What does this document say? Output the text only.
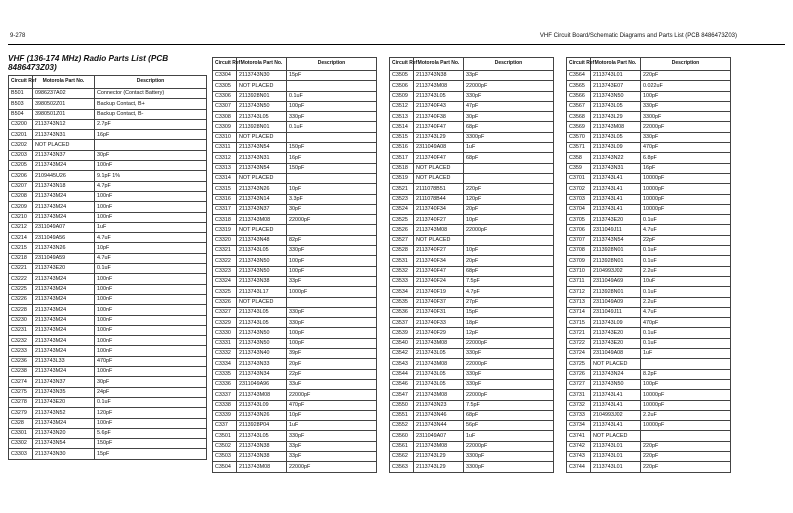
9-278	VHF Circuit Board/Schematic Diagrams and Parts List (PCB 8486473Z03)
VHF (136-174 MHz) Radio Parts List (PCB 8486473Z03)
Circuit Ref	Motorola Part No.	Description
B501	0986237A02	Connector (Contact Battery)
B503	3980502Z01	Backup Contact, B+
B504	3980501Z01	Backup Contact, B-
C3200	2113743N12	2.7pF
C3201	2113743N31	16pF
C3202	NOT PLACED	
C3203	2113743N37	30pF
C3205	2113743M24	100nF
C3206	2109445U26	9.1pF 1%
C3207	2113743N18	4.7pF
C3208	2113743M24	100nF
C3209	2113743M24	100nF
C3210	2113743M24	100nF
C3212	2311049A07	1uF
C3214	2311049A56	4.7uF
C3215	2113743N26	10pF
C3218	2311049A59	4.7uF
C3221	2113743E20	0.1uF
C3222	2113743M24	100nF
C3225	2113743M24	100nF
C3226	2113743M24	100nF
C3228	2113743M24	100nF
C3230	2113743M24	100nF
C3231	2113743M24	100nF
C3232	2113743M24	100nF
C3233	2113743M24	100nF
C3236	2113743L33	470pF
C3238	2113743M24	100nF
C3274	2113743N37	30pF
C3275	2113743N35	24pF
C3278	2113743E20	0.1uF
C3279	2113743N52	120pF
C328	2113743M24	100nF
C3301	2113743N20	5.6pF
C3302	2113743N54	150pF
C3303	2113743N30	15pF
Circuit Ref	Motorola Part No.	Description
C3304	2113743N30	15pF
C3305	NOT PLACED	
C3306	2113928N01	0.1uF
C3307	2113743N50	100pF
C3308	2113743L05	330pF
C3309	2113928N01	0.1uF
C3310	NOT PLACED	
C3311	2113743N54	150pF
C3312	2113743N31	16pF
C3313	2113743N54	150pF
C3314	NOT PLACED	
C3315	2113743N26	10pF
C3316	2113743N14	3.3pF
C3317	2113743N37	30pF
C3318	2113743M08	22000pF
C3319	NOT PLACED	
C3320	2113743N48	82pF
C3321	2113743L05	330pF
C3322	2113743N50	100pF
C3323	2113743N50	100pF
C3324	2113743N38	33pF
C3325	2113743L17	1000pF
C3326	NOT PLACED	
C3327	2113743L05	330pF
C3329	2113743L05	330pF
C3330	2113743N50	100pF
C3331	2113743N50	100pF
C3332	2113743N40	39pF
C3334	2113743N33	20pF
C3335	2113743N34	22pF
C3336	2311049A96	33uF
C3337	2113743M08	22000pF
C3338	2113743L09	470pF
C3339	2113743N26	10pF
C337	2113928P04	1uF
C3501	2113743L05	330pF
C3502	2113743N38	33pF
C3503	2113743N38	33pF
C3504	2113743M08	22000pF
Circuit Ref	Motorola Part No.	Description
C3505	2113743N38	33pF
C3506	2113743M08	22000pF
C3509	2113743L05	330pF
C3512	2113740F43	47pF
C3513	2113740F38	30pF
C3514	2113740F47	68pF
C3515	2113743L29	3300pF
C3516	2311049A08	1uF
C3517	2113740F47	68pF
C3518	NOT PLACED	
C3519	NOT PLACED	
C3521	2111078B51	220pF
C3523	2111078B44	120pF
C3524	2113740F34	20pF
C3525	2113740F27	10pF
C3526	2113743M08	22000pF
C3527	NOT PLACED	
C3528	2113740F27	10pF
C3531	2113740F34	20pF
C3532	2113740F47	68pF
C3533	2113740F24	7.5pF
C3534	2113740F19	4.7pF
C3535	2113740F37	27pF
C3536	2113740F31	15pF
C3537	2113740F33	18pF
C3539	2113740F29	12pF
C3540	2113743M08	22000pF
C3542	2113743L05	330pF
C3543	2113743M08	22000pF
C3544	2113743L05	330pF
C3546	2113743L05	330pF
C3547	2113743M08	22000pF
C3550	2113743N23	7.5pF
C3551	2113743N46	68pF
C3552	2113743N44	56pF
C3560	2311049A07	1uF
C3561	2113743M08	22000pF
C3562	2113743L29	3300pF
C3563	2113743L29	3300pF
Circuit Ref	Motorola Part No.	Description
C3564	2113743L01	220pF
C3565	2113743E07	0.022uF
C3566	2113743N50	100pF
C3567	2113743L05	330pF
C3568	2113743L29	3300pF
C3569	2113743M08	22000pF
C3570	2113743L05	330pF
C3571	2113743L09	470pF
C358	2113743N22	6.8pF
C359	2113743N31	16pF
C3701	2113743L41	10000pF
C3702	2113743L41	10000pF
C3703	2113743L41	10000pF
C3704	2113743L41	10000pF
C3705	2113743E20	0.1uF
C3706	2311049J11	4.7uF
C3707	2113743N54	22pF
C3708	2113928N01	0.1uF
C3709	2113928N01	0.1uF
C3710	2104993J02	2.2uF
C3711	2311049A69	10uF
C3712	2113928N01	0.1uF
C3713	2311049A09	2.2uF
C3714	2311049J11	4.7uF
C3715	2113743L09	470pF
C3721	2113743E20	0.1uF
C3722	2113743E20	0.1uF
C3724	2311049A08	1uF
C3725	NOT PLACED	
C3726	2113743N24	8.2pF
C3727	2113743N50	100pF
C3731	2113743L41	10000pF
C3732	2113743L41	10000pF
C3733	2104993J02	2.2uF
C3734	2113743L41	10000pF
C3741	NOT PLACED	
C3742	2113743L01	220pF
C3743	2113743L01	220pF
C3744	2113743L01	220pF
